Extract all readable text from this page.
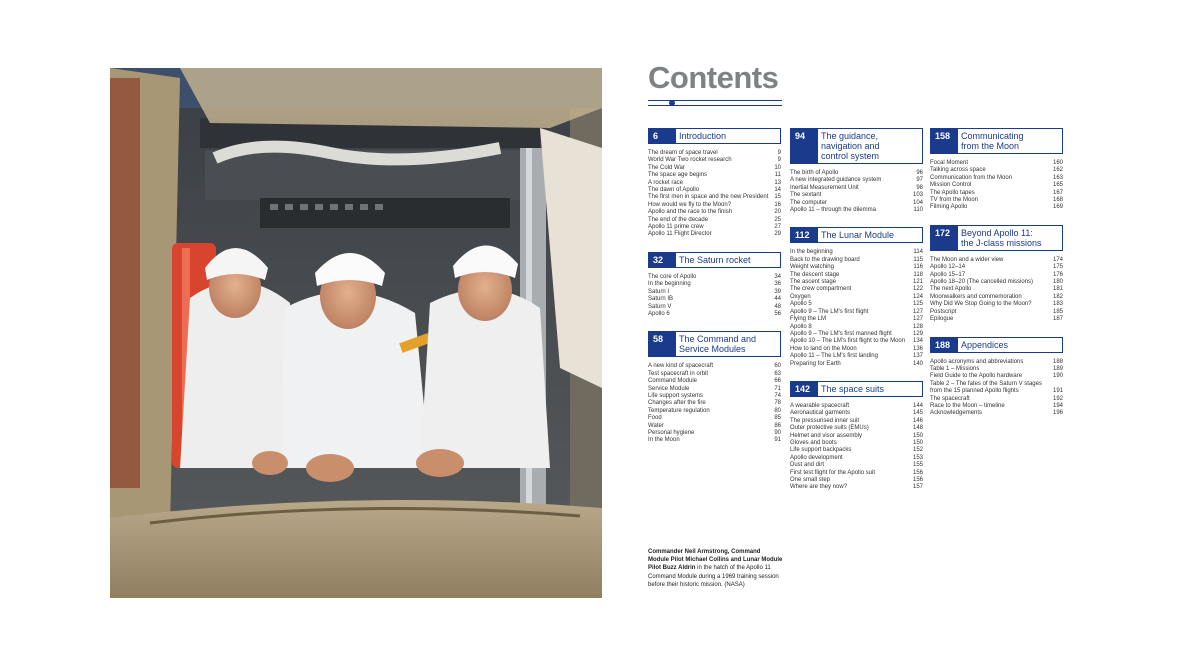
Commander Neil Armstrong, Command Module Pilot Michael Collins and Lunar Module Pilot Buzz Aldrin in the hatch of the Apollo 11 Command Module during a 1969 training session before their historic mission. (NASA)
Contents
6	Introduction
The dream of space travel	9
World War Two rocket research	9
The Cold War	10
The space age begins	11
A rocket race	13
The dawn of Apollo	14
The first men in space and the new President 15
How would we fly to the Moon?	16
Apollo and the race to the finish	20
The end of the decade	25
Apollo 11 prime crew	27
Apollo 11 Flight Director	29
32	The Saturn rocket
The core of Apollo	34
In the beginning	36
Saturn I	39
Saturn IB	44
Saturn V	48
Apollo 6	56
58	The Command and
Service Modules
A new kind of spacecraft	60
Test spacecraft in orbit	63
Command Module	66
Service Module	71
Life support systems	74
Changes after the fire	78
Temperature regulation	80
Food	85
Water	86
Personal hygiene	90
In the Moon	91
94	The guidance,
navigation and
control system
The birth of Apollo	96
A new integrated guidance system	97
Inertial Measurement Unit	98
The sextant	103
The computer	104
Apollo 11 – through the dilemma	110
112	The Lunar Module
In the beginning	114
Back to the drawing board	115
Weight watching	116
The descent stage	118
The ascent stage	121
The crew compartment	122
Oxygen	124
Apollo 5	125
Apollo 9 – The LM's first flight	127
Flying the LM	127
Apollo 8	128
Apollo 9 – The LM's first manned flight	129
Apollo 10 – The LM's first flight to the Moon	134
How to land on the Moon	136
Apollo 11 – The LM's first landing	137
Preparing for Earth	140
142	The space suits
A wearable spacecraft	144
Aeronautical garments	145
The pressurised inner suit	146
Outer protective suits (EMUs)	148
Helmet and visor assembly	150
Gloves and boots	150
Life support backpacks	152
Apollo development	153
Dust and dirt	155
First test flight for the Apollo suit	156
One small step	156
Where are they now?	157
158	Communicating
from the Moon
Focal Moment	160
Talking across space	162
Communication from the Moon	163
Mission Control	165
The Apollo tapes	167
TV from the Moon	168
Filming Apollo	169
172	Beyond Apollo 11:
the J-class missions
The Moon and a wider view	174
Apollo 12–14	175
Apollo 15–17	176
Apollo 18–20 (The cancelled missions)	180
The next Apollo	181
Moonwalkers and commemoration	182
Why Did We Stop Going to the Moon?	183
Postscript	185
Epilogue	187
188	Appendices
Apollo acronyms and abbreviations	188
Table 1 – Missions	189
Field Guide to the Apollo hardware	190
Table 2 – The fates of the Saturn V stages from the 15 planned Apollo flights	191
The spacecraft	192
Race to the Moon – timeline	194
Acknowledgements	196
